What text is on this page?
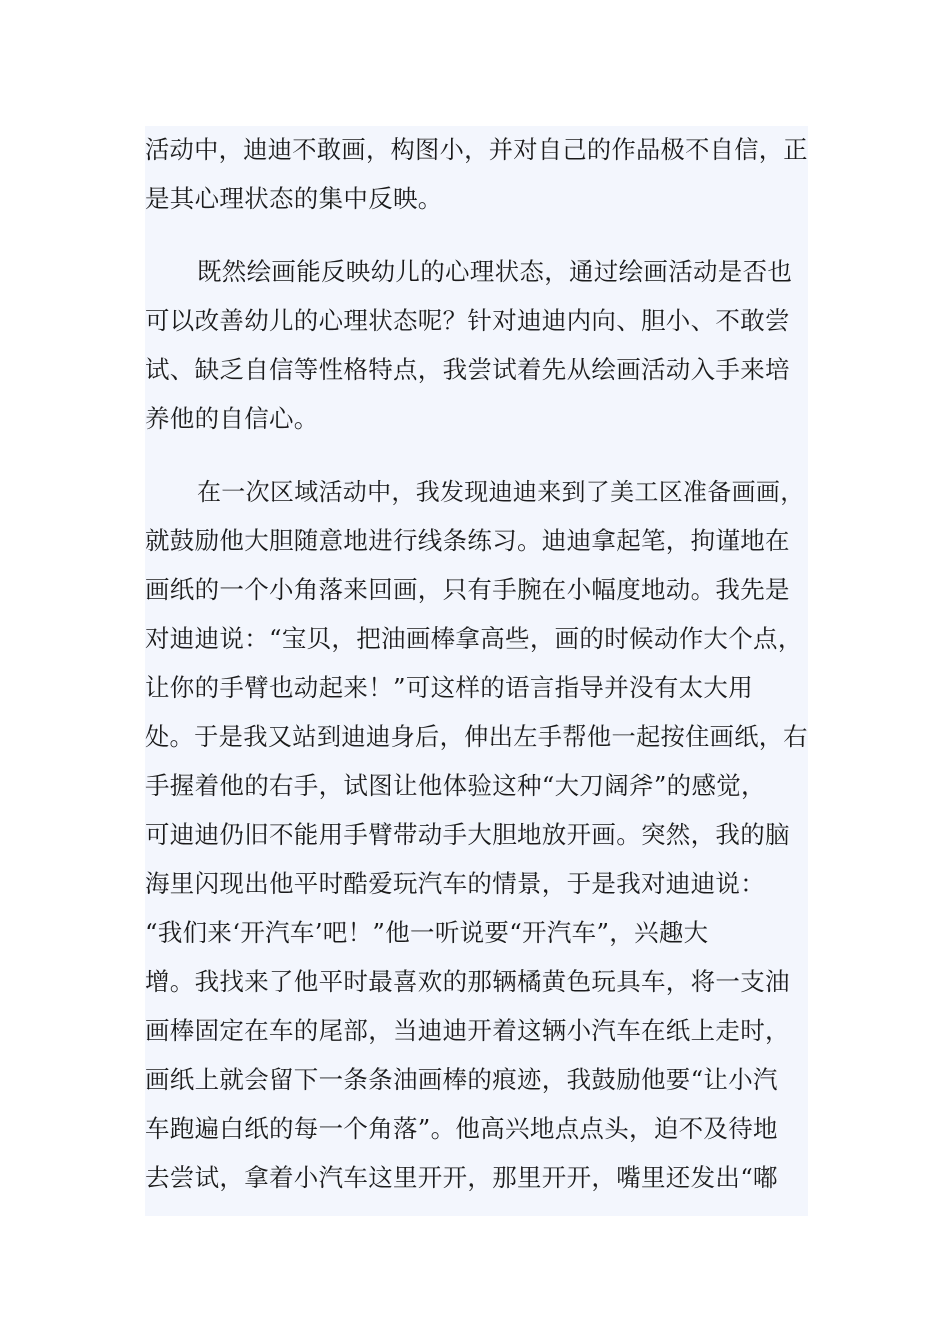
活动中，迪迪不敢画，构图小，并对自己的作品极不自信，正
是其心理状态的集中反映。
既然绘画能反映幼儿的心理状态，通过绘画活动是否也
可以改善幼儿的心理状态呢？针对迪迪内向、胆小、不敢尝
试、缺乏自信等性格特点，我尝试着先从绘画活动入手来培
养他的自信心。
在一次区域活动中，我发现迪迪来到了美工区准备画画，
就鼓励他大胆随意地进行线条练习。迪迪拿起笔，拘谨地在
画纸的一个小角落来回画，只有手腕在小幅度地动。我先是
对迪迪说：“宝贝，把油画棒拿高些，画的时候动作大个点，
让你的手臂也动起来！”可这样的语言指导并没有太大用
处。于是我又站到迪迪身后，伸出左手帮他一起按住画纸，右
手握着他的右手，试图让他体验这种“大刀阔斧”的感觉，
可迪迪仍旧不能用手臂带动手大胆地放开画。突然，我的脑
海里闪现出他平时酷爱玩汽车的情景，于是我对迪迪说：
“我们来‘开汽车’吧！”他一听说要“开汽车”，兴趣大
增。我找来了他平时最喜欢的那辆橘黄色玩具车，将一支油
画棒固定在车的尾部，当迪迪开着这辆小汽车在纸上走时，
画纸上就会留下一条条油画棒的痕迹，我鼓励他要“让小汽
车跑遍白纸的每一个角落”。他高兴地点点头，迫不及待地
去尝试，拿着小汽车这里开开，那里开开，嘴里还发出“嘟
